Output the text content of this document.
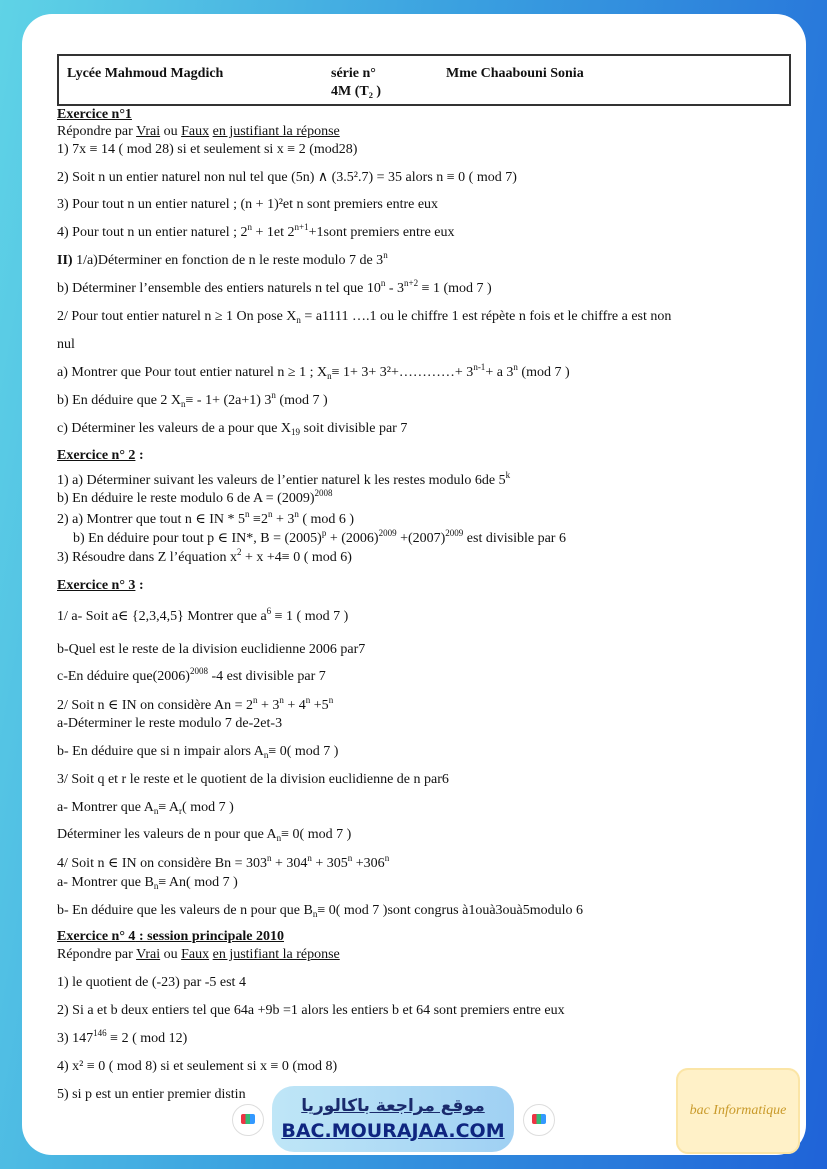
Lycée Mahmoud Magdich	série n°
4M (T₂ )
Mme Chaabouni Sonia
Exercice n°1
Répondre par Vrai ou Faux en justifiant la réponse
1) 7x ≡ 14 ( mod 28) si et seulement si x ≡ 2 (mod28)
2) Soit n un entier naturel non nul tel que (5n) ∧ (3.5².7) = 35 alors n ≡ 0 ( mod 7)
3) Pour tout n un entier naturel ; (n + 1)²et n sont premiers entre eux
4) Pour tout n un entier naturel ; $2^n + 1et$ $2^{n+1}+1sont$ premiers entre eux
II) 1/a)Déterminer en fonction de n le reste modulo 7 de 3$^n$
b) Déterminer l’ensemble des entiers naturels n tel que $10^n - 3^{n+2} \equiv 1$ (mod 7 )
2/ Pour tout entier naturel n ≥ 1 On pose $X_n = a1111$ ….1 ou le chiffre 1 est répète n fois et le chiffre a est non
nul
a) Montrer que Pour tout entier naturel n ≥ 1 ; $X_n\equiv 1+ 3+$ 3²+…………+ $3^{n-1}+ a$ 3$^n$ (mod 7 )
b) En déduire que 2 $X_n\equiv - 1+ (2a+1)$ 3$^n$ (mod 7 )
c) Déterminer les valeurs de a pour que $X_{19}$ soit divisible par 7
Exercice n° 2 :
1) a) Déterminer suivant les valeurs de l’entier naturel k les restes modulo 6de 5$^k$
b) En déduire le reste modulo 6 de $A = (2009)^{2008}$
2) a) Montrer que tout n ∈ IN * $5^n \equiv 2^n + 3^n$ ( mod 6 )
b) En déduire pour tout p ∈ IN*, $B = (2005)^p + (2006)^{2009} +(2007)^{2009}$ est divisible par 6
3) Résoudre dans Z l’équation $x^2 + x +4\equiv 0$ ( mod 6)
Exercice n° 3 :
1/ a- Soit a∈ {2,3,4,5} Montrer que $a^6 \equiv 1$ ( mod 7 )
b-Quel est le reste de la division euclidienne 2006 par7
c-En déduire $que(2006)^{2008}$ -4 est divisible par 7
2/ Soit n ∈ IN on considère $An = 2^n + 3^n + 4^n +5^n$
a-Déterminer le reste modulo 7 de-2et-3
b- En déduire que si n impair alors $A_n\equiv 0$( mod 7 )
3/ Soit q et r le reste et le quotient de la division euclidienne de n par6
a- Montrer que $A_n\equiv A_r$( mod 7 )
Déterminer les valeurs de n pour que $A_n\equiv 0$( mod 7 )
4/ Soit n ∈ IN on considère $Bn = 303^n + 304^n + 305^n +306^n$
a- Montrer que $B_n\equiv An$( mod 7 )
b- En déduire que les valeurs de n pour que $B_n\equiv 0$( mod 7 )sont congrus à1ouà3ouà5modulo 6
Exercice n° 4 : session principale 2010
Répondre par Vrai ou Faux en justifiant la réponse
1) le quotient de (-23) par -5 est 4
2) Si a et b deux entiers tel que 64a +9b =1 alors les entiers b et 64 sont premiers entre eux
3) $147^{146} \equiv 2$ ( mod 12)
4) x² ≡ 0 ( mod 8) si et seulement si x ≡ 0 (mod 8)
5) si p est un entier premier distin
موقع مراجعة باكالوريا
BAC.MOURAJAA.COM
bac Informatique
